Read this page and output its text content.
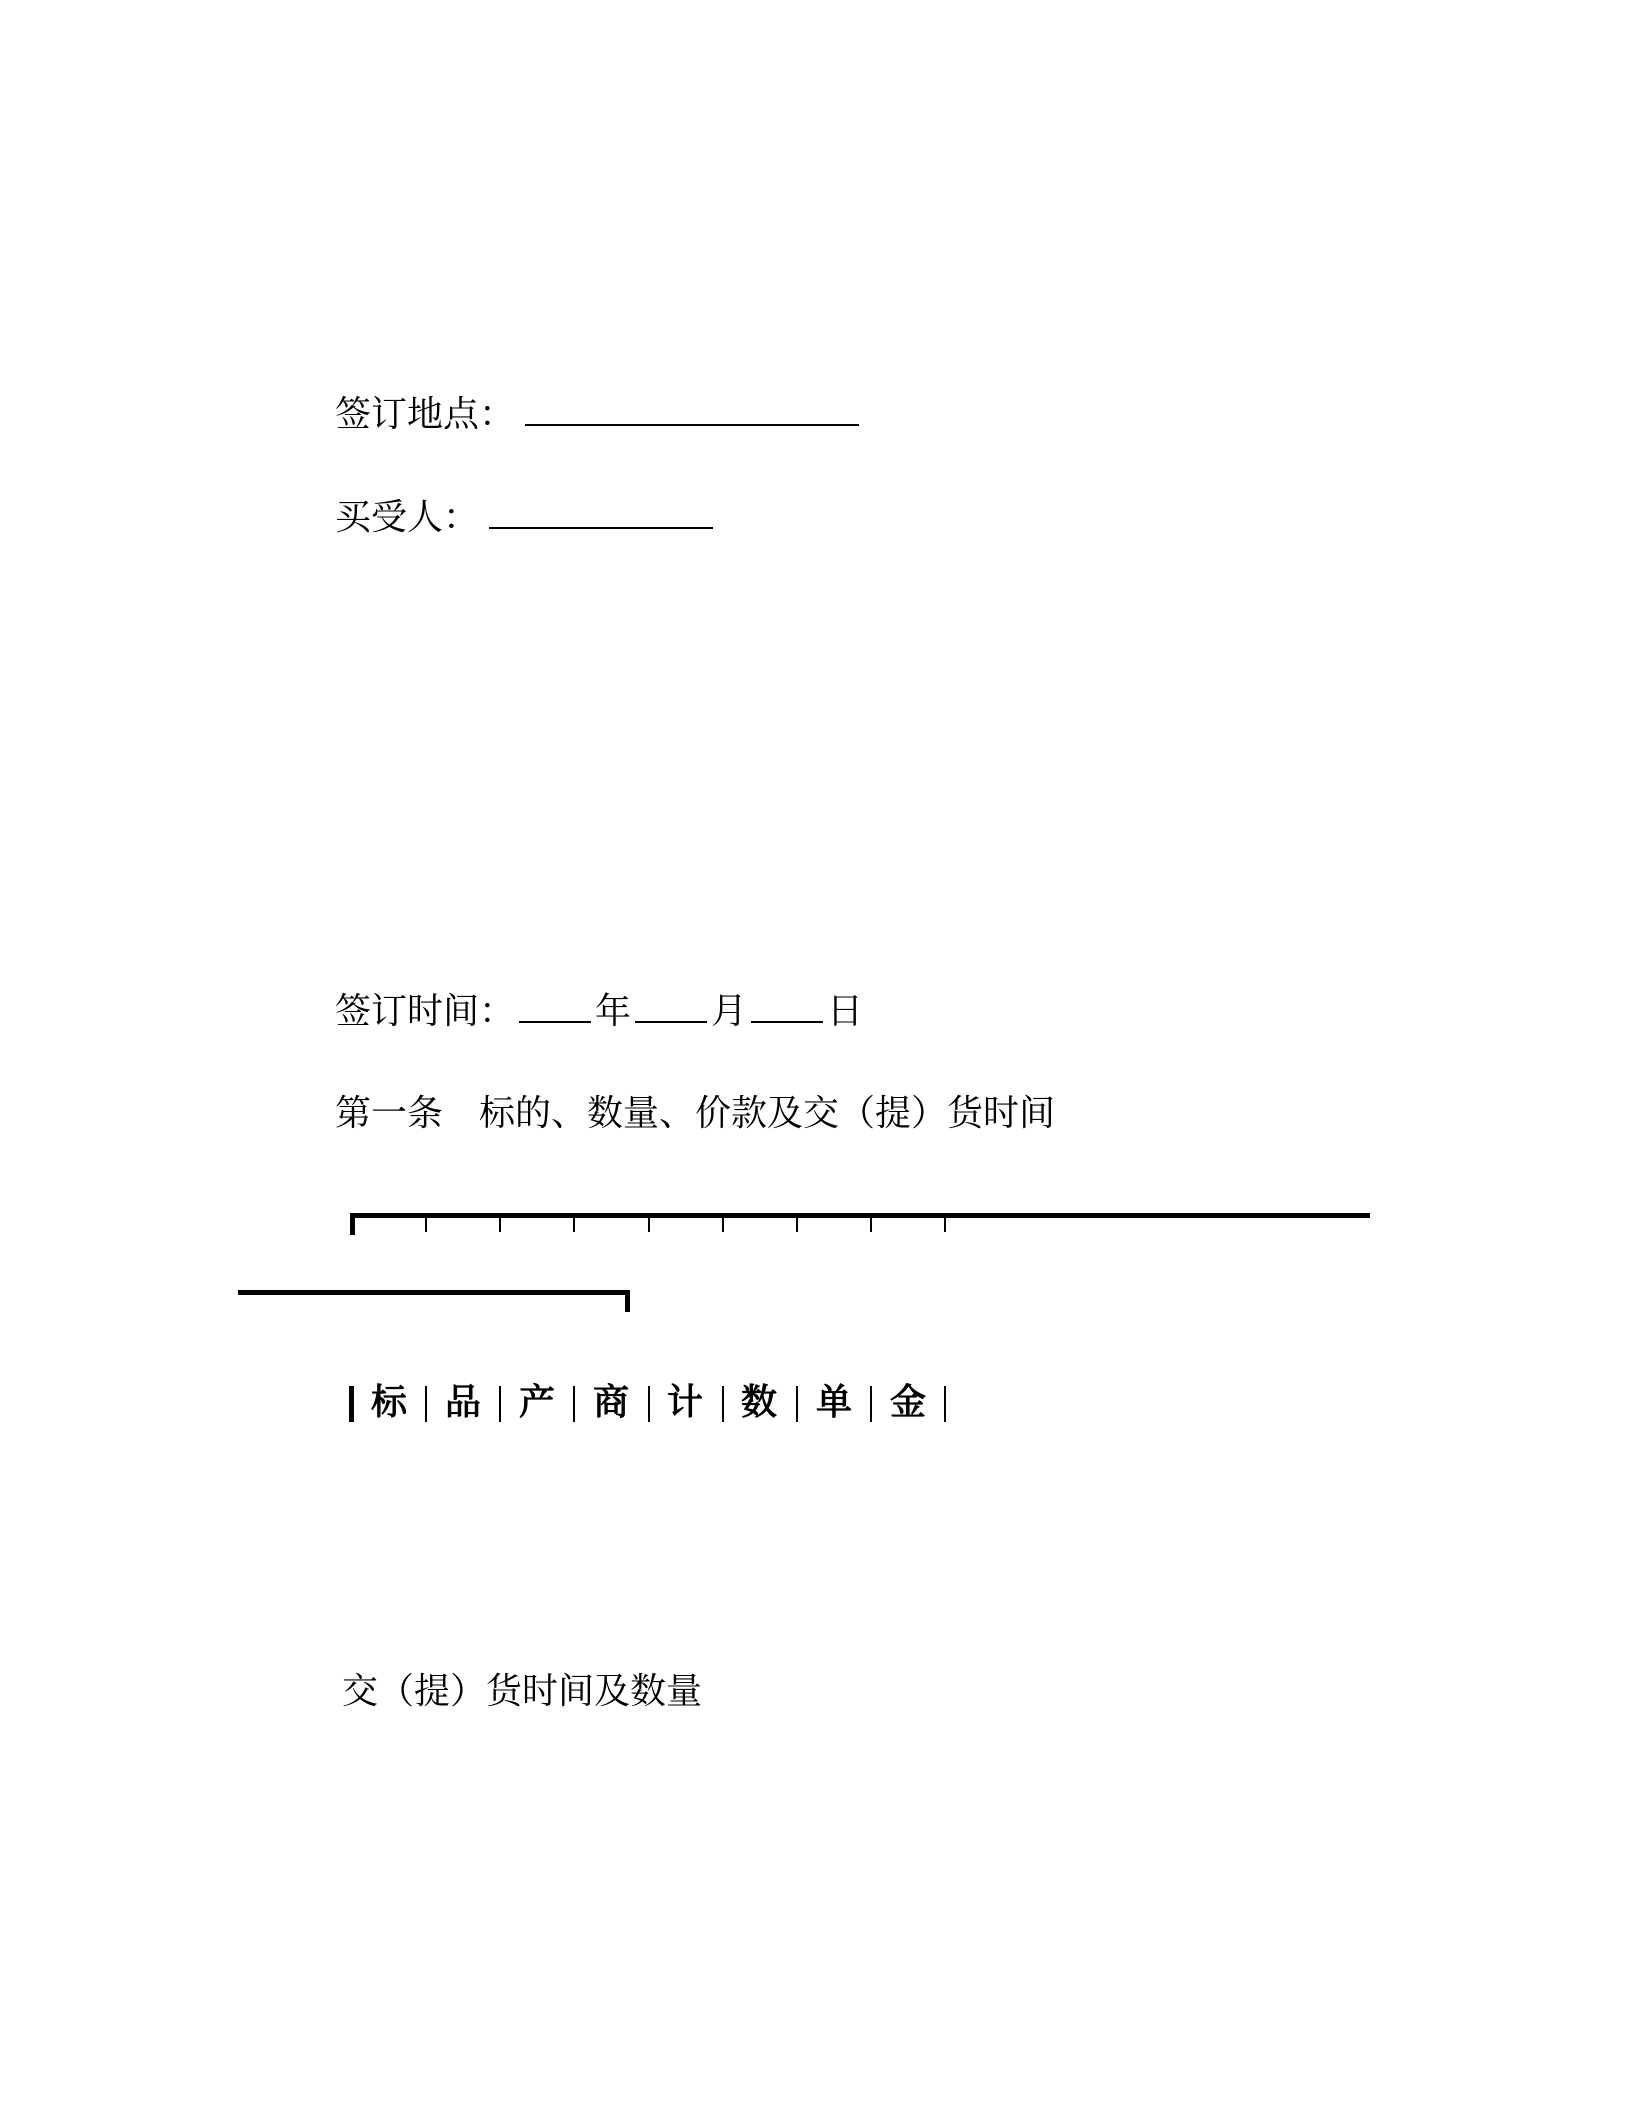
签订地点：
买受人：
签订时间： 年 月 日
第一条 标的、数量、价款及交（提）货时间
标 品 产 商 计 数 单 金
交（提）货时间及数量
